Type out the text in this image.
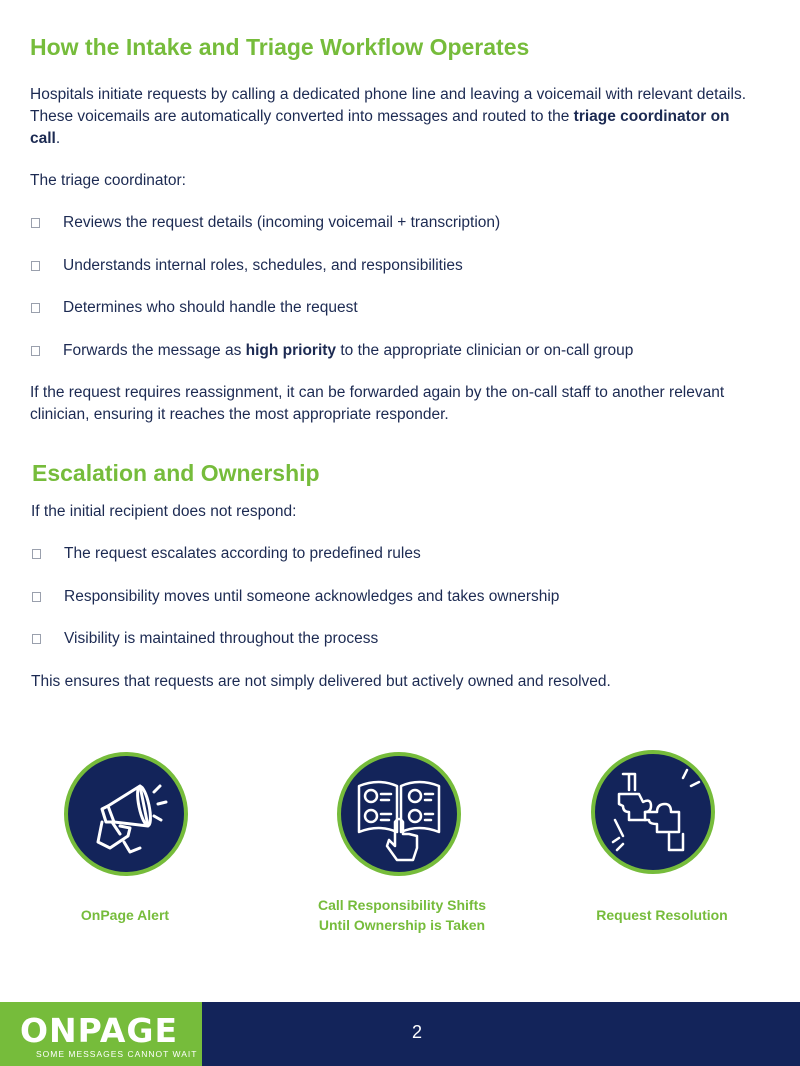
How the Intake and Triage Workflow Operates

Hospitals initiate requests by calling a dedicated phone line and leaving a voicemail with relevant details. These voicemails are automatically converted into messages and routed to the triage coordinator on call.

The triage coordinator:

Reviews the request details (incoming voicemail + transcription)
Understands internal roles, schedules, and responsibilities
Determines who should handle the request
Forwards the message as high priority to the appropriate clinician or on-call group

If the request requires reassignment, it can be forwarded again by the on-call staff to another relevant clinician, ensuring it reaches the most appropriate responder.

Escalation and Ownership

If the initial recipient does not respond:

The request escalates according to predefined rules
Responsibility moves until someone acknowledges and takes ownership
Visibility is maintained throughout the process

This ensures that requests are not simply delivered but actively owned and resolved.

OnPage Alert
Call Responsibility Shifts
Until Ownership is Taken
Request Resolution
ONPAGE
SOME MESSAGES CANNOT WAIT
2
